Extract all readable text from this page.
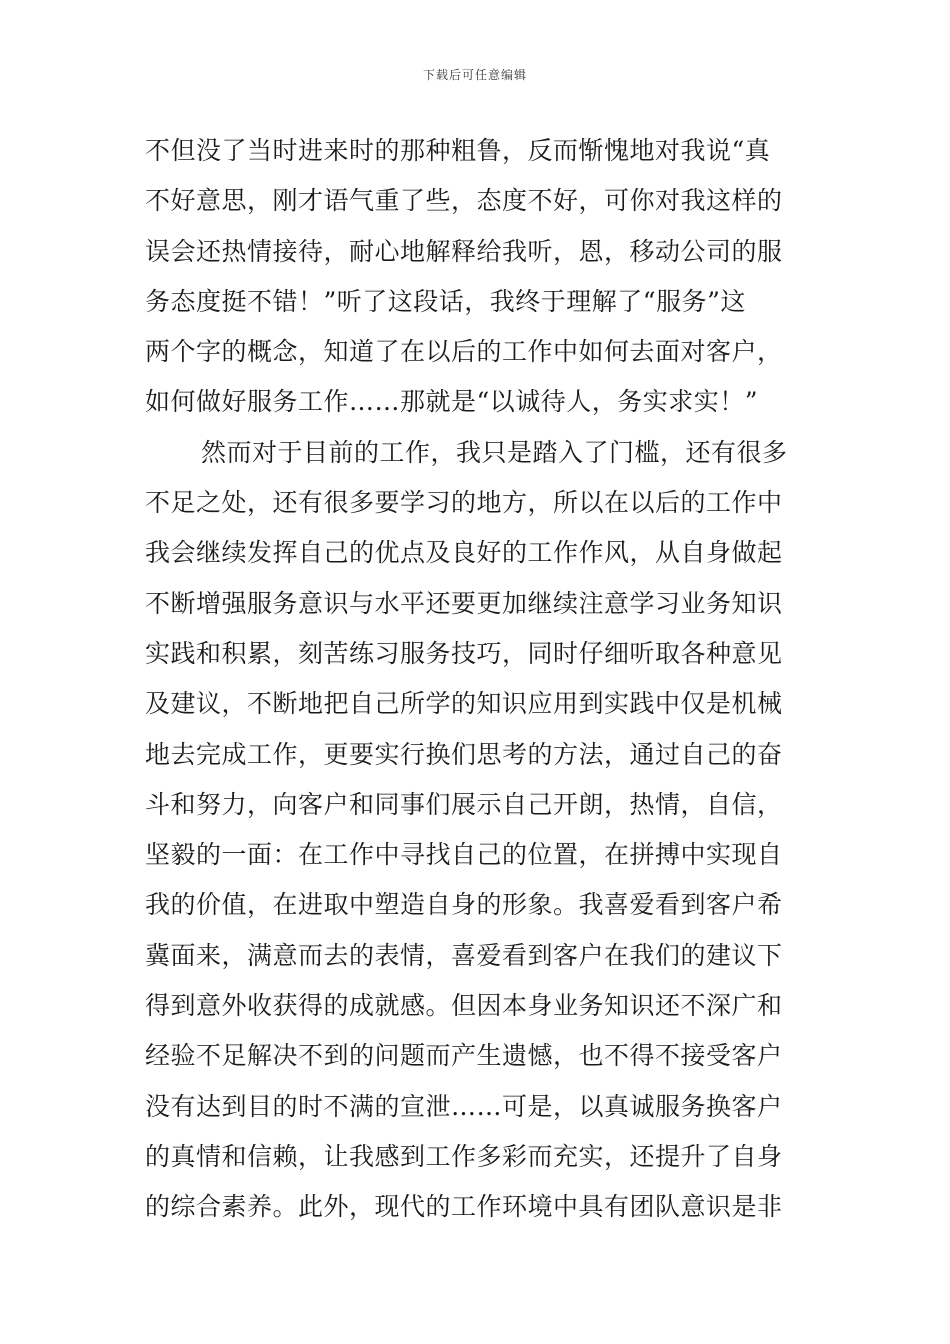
下载后可任意编辑
不但没了当时进来时的那种粗鲁，反而惭愧地对我说“真
不好意思，刚才语气重了些，态度不好，可你对我这样的
误会还热情接待，耐心地解释给我听，恩，移动公司的服
务态度挺不错！”听了这段话，我终于理解了“服务”这
两个字的概念，知道了在以后的工作中如何去面对客户，
如何做好服务工作……那就是“以诚待人，务实求实！”
然而对于目前的工作，我只是踏入了门槛，还有很多
不足之处，还有很多要学习的地方，所以在以后的工作中
我会继续发挥自己的优点及良好的工作作风，从自身做起
不断增强服务意识与水平还要更加继续注意学习业务知识
实践和积累，刻苦练习服务技巧，同时仔细听取各种意见
及建议，不断地把自己所学的知识应用到实践中仅是机械
地去完成工作，更要实行换们思考的方法，通过自己的奋
斗和努力，向客户和同事们展示自己开朗，热情，自信，
坚毅的一面：在工作中寻找自己的位置，在拼搏中实现自
我的价值，在进取中塑造自身的形象。我喜爱看到客户希
冀面来，满意而去的表情，喜爱看到客户在我们的建议下
得到意外收获得的成就感。但因本身业务知识还不深广和
经验不足解决不到的问题而产生遗憾，也不得不接受客户
没有达到目的时不满的宣泄……可是，以真诚服务换客户
的真情和信赖，让我感到工作多彩而充实，还提升了自身
的综合素养。此外，现代的工作环境中具有团队意识是非
